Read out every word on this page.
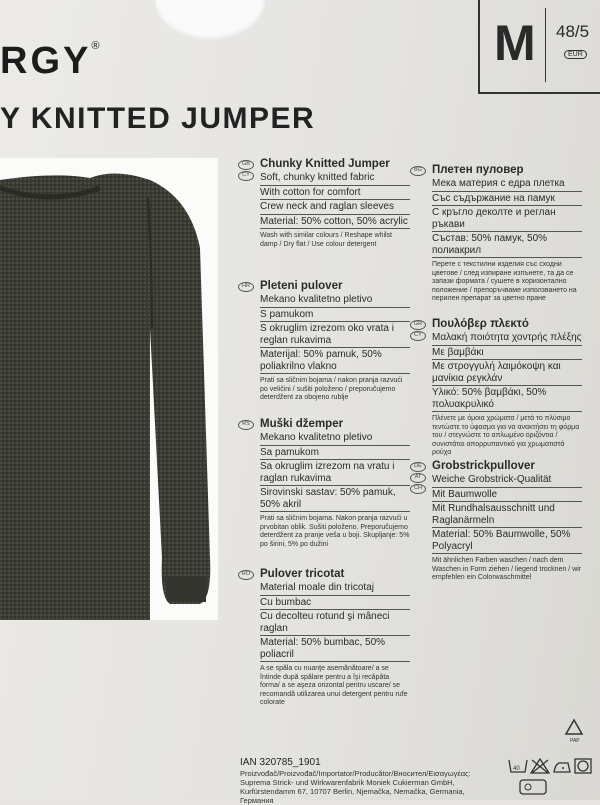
RGY®	M 48/5
EUR
Y KNITTED JUMPER
GB
CY
Chunky Knitted Jumper
Soft, chunky knitted fabric
With cotton for comfort
Crew neck and raglan sleeves
Material: 50% cotton, 50% acrylic
Wash with similar colours / Reshape whilst damp / Dry flat / Use colour detergent
HR Pleteni pulover
Mekano kvalitetno pletivo
S pamukom
S okruglim izrezom oko vrata i reglan rukavima
Materijal: 50% pamuk, 50% poliakrilno vlakno
Prati sa sličnim bojama / nakon pranja razvući po veličini / sušiti položeno / preporučujemo deterdžent za obojeno rublje
RS Muški džemper
Mekano kvalitetno pletivo
Sa pamukom
Sa okruglim izrezom na vratu i raglan rukavima
Sirovinski sastav: 50% pamuk, 50% akril
Prati sa sličnim bojama. Nakon pranja razvući u prvobitan oblik. Sušiti položeno. Preporučujemo deterdžent za pranje veša u boji. Skupljanje: 5% po širini, 5% po dužini
RO Pulover tricotat
Material moale din tricotaj
Cu bumbac
Cu decolteu rotund şi mâneci raglan
Material: 50% bumbac, 50% poliacril
A se spăla cu nuanţe asemănătoare/ a se întinde după spălare pentru a îşi recăpăta forma/ a se aşeza orizontal pentru uscare/ se recomandă utilizarea unui detergent pentru rufe colorate
BG Плетен пуловер
Мека материя с едра плетка
Със съдържание на памук
С кръгло деколте и реглан ръкави
Състав: 50% памук, 50% полиакрил
Перете с текстилни изделия със сходни цветове / след изпиране изпънете, та да се запази формата / сушете в хоризонтално положение / препоръчваме използването на перилен препарат за цветно пране
GR
CY
Πουλόβερ πλεκτό
Μαλακή ποιότητα χοντρής πλέξης
Με βαμβάκι
Με στρογγυλή λαιμόκοψη και μανίκια ρεγκλάν
Υλικό: 50% βαμβάκι, 50% πολυακρυλικό
Πλένετε με όμοια χρώματα / μετά το πλύσιμο τεντώστε το ύφασμα για να ανακτήσει τη φόρμα του / στεγνώστε το απλωμένο οριζόντια / συνιστάται απορρυπαντικό για χρωματιστά ρούχα
DE
AT
CH
Grobstrickpullover
Weiche Grobstrick-Qualität
Mit Baumwolle
Mit Rundhalsausschnitt und Raglanärmeln
Material: 50% Baumwolle, 50% Polyacryl
Mit ähnlichen Farben waschen / nach dem Waschen in Form ziehen / liegend trocknen / wir empfehlen ein Colorwaschmittel
IAN 320785_1901
Proizvođač/Proizvođač/Importator/Producător/Вносител/Εισαγωγέας: Suprema Strick- und Wirkwarenfabrik Moniek Cukierman GmbH, Kurfürstendamm 67, 10707 Berlin, Njemačka, Nemačka, Germania, Германия
PAP
40
